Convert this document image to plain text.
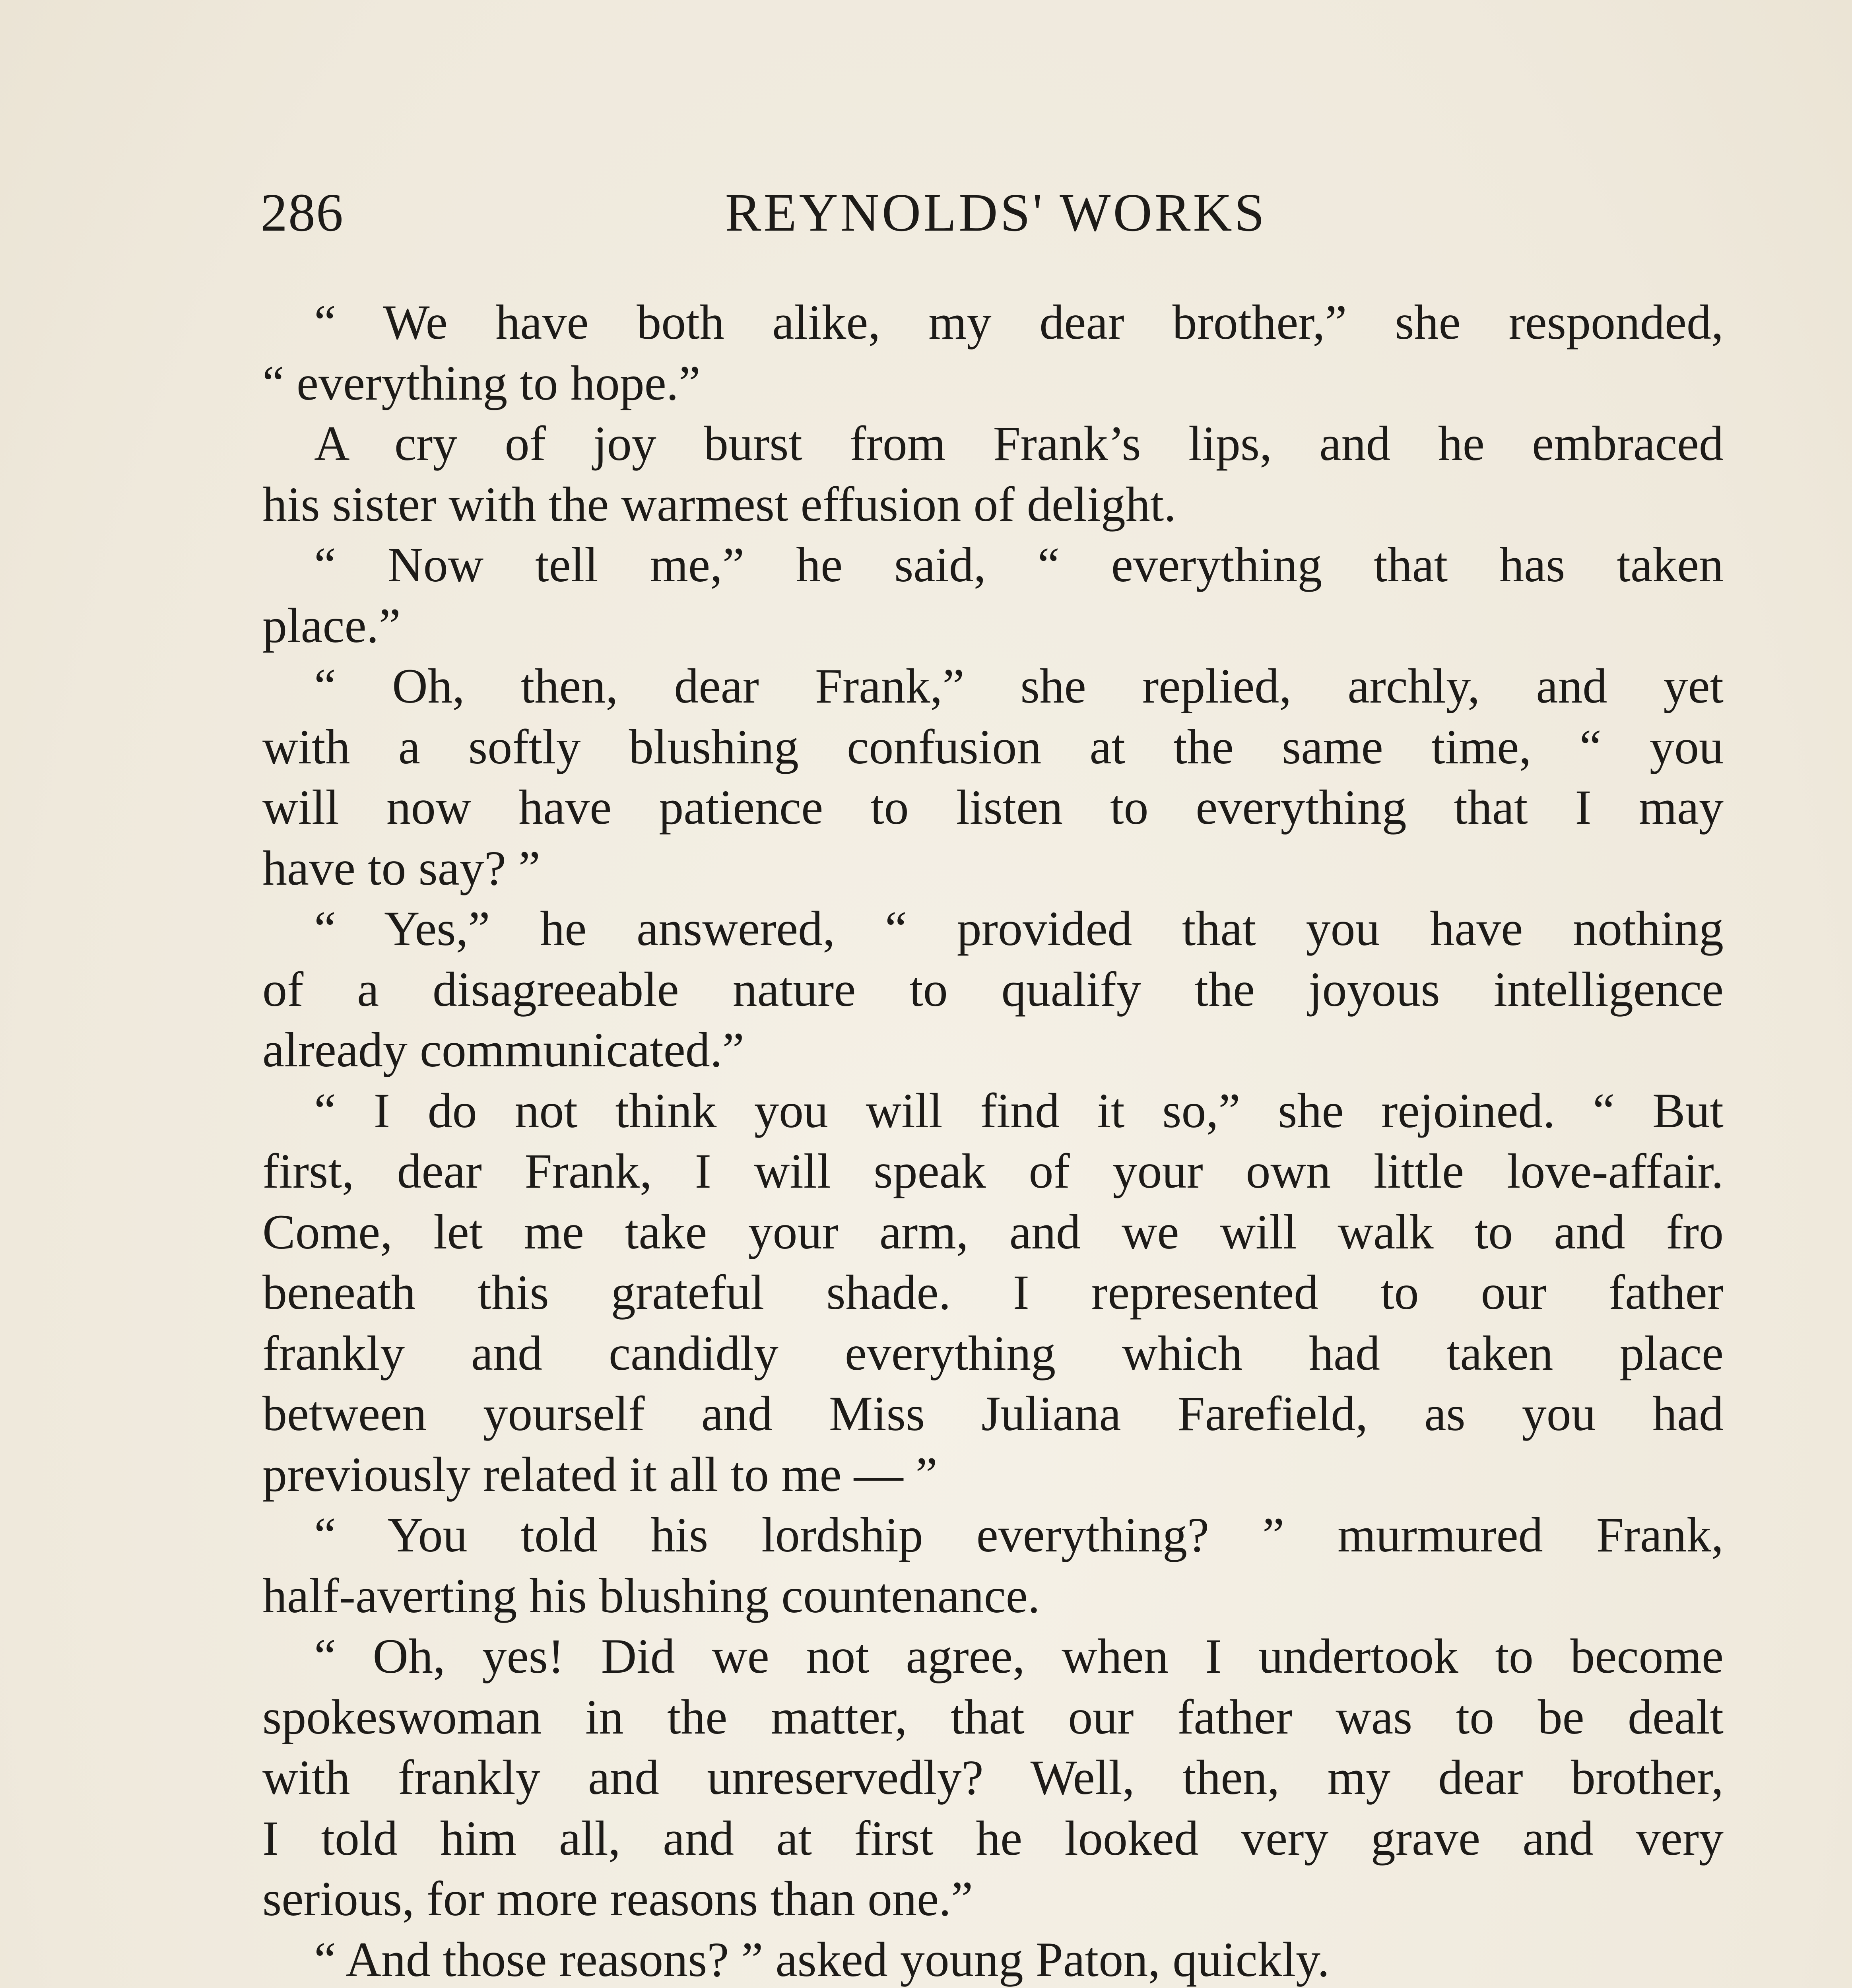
286	REYNOLDS' WORKS
“ We have both alike, my dear brother,” she responded,
“ everything to hope.”
A cry of joy burst from Frank’s lips, and he embraced
his sister with the warmest effusion of delight.
“ Now tell me,” he said, “ everything that has taken
place.”
“ Oh, then, dear Frank,” she replied, archly, and yet
with a softly blushing confusion at the same time, “ you
will now have patience to listen to everything that I may
have to say? ”
“ Yes,” he answered, “ provided that you have nothing
of a disagreeable nature to qualify the joyous intelligence
already communicated.”
“ I do not think you will find it so,” she rejoined. “ But
first, dear Frank, I will speak of your own little love-affair.
Come, let me take your arm, and we will walk to and fro
beneath this grateful shade. I represented to our father
frankly and candidly everything which had taken place
between yourself and Miss Juliana Farefield, as you had
previously related it all to me — ”
“ You told his lordship everything? ” murmured Frank,
half-averting his blushing countenance.
“ Oh, yes! Did we not agree, when I undertook to become
spokeswoman in the matter, that our father was to be dealt
with frankly and unreservedly? Well, then, my dear brother,
I told him all, and at first he looked very grave and very
serious, for more reasons than one.”
“ And those reasons? ” asked young Paton, quickly.
